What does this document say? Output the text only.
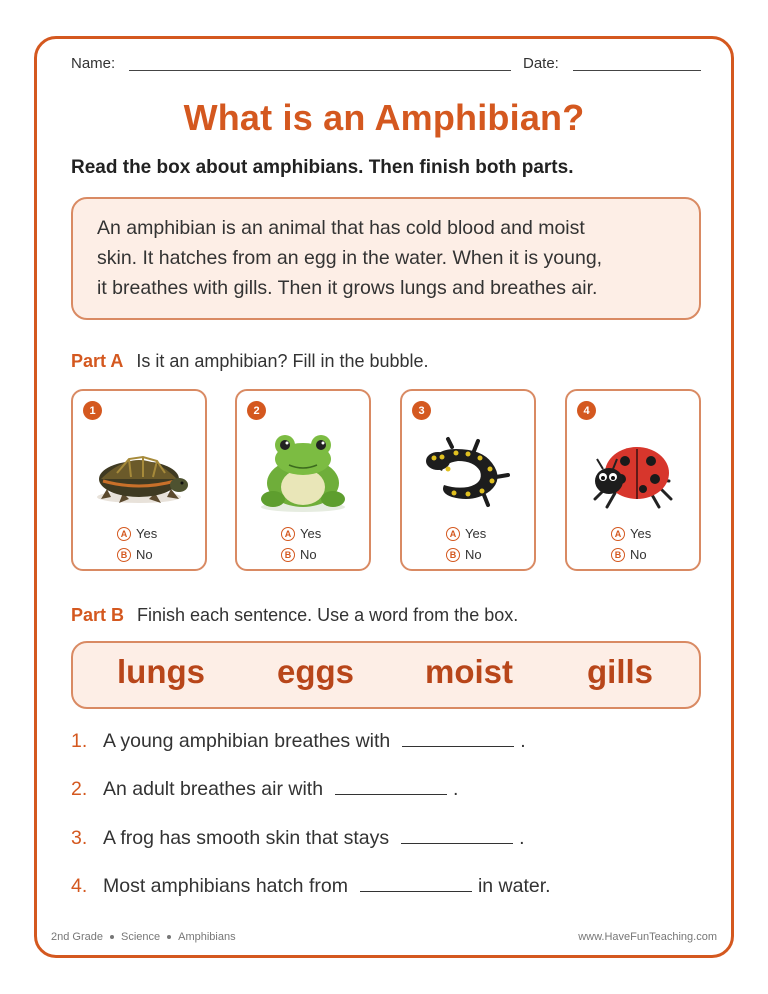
Name:	Date:
What is an Amphibian?
Read the box about amphibians. Then finish both parts.
An amphibian is an animal that has cold blood and moist
skin. It hatches from an egg in the water. When it is young,
it breathes with gills. Then it grows lungs and breathes air.
Part A Is it an amphibian? Fill in the bubble.
1
A Yes
B No
2
A Yes
B No
3
A Yes
B No
4
A Yes
B No
Part B Finish each sentence. Use a word from the box.
lungs eggs moist gills
1. A young amphibian breathes with	.
2. An adult breathes air with	.
3. A frog has smooth skin that stays	.
4. Most amphibians hatch from	in water.
2nd Grade Science Amphibians	www.HaveFunTeaching.com
